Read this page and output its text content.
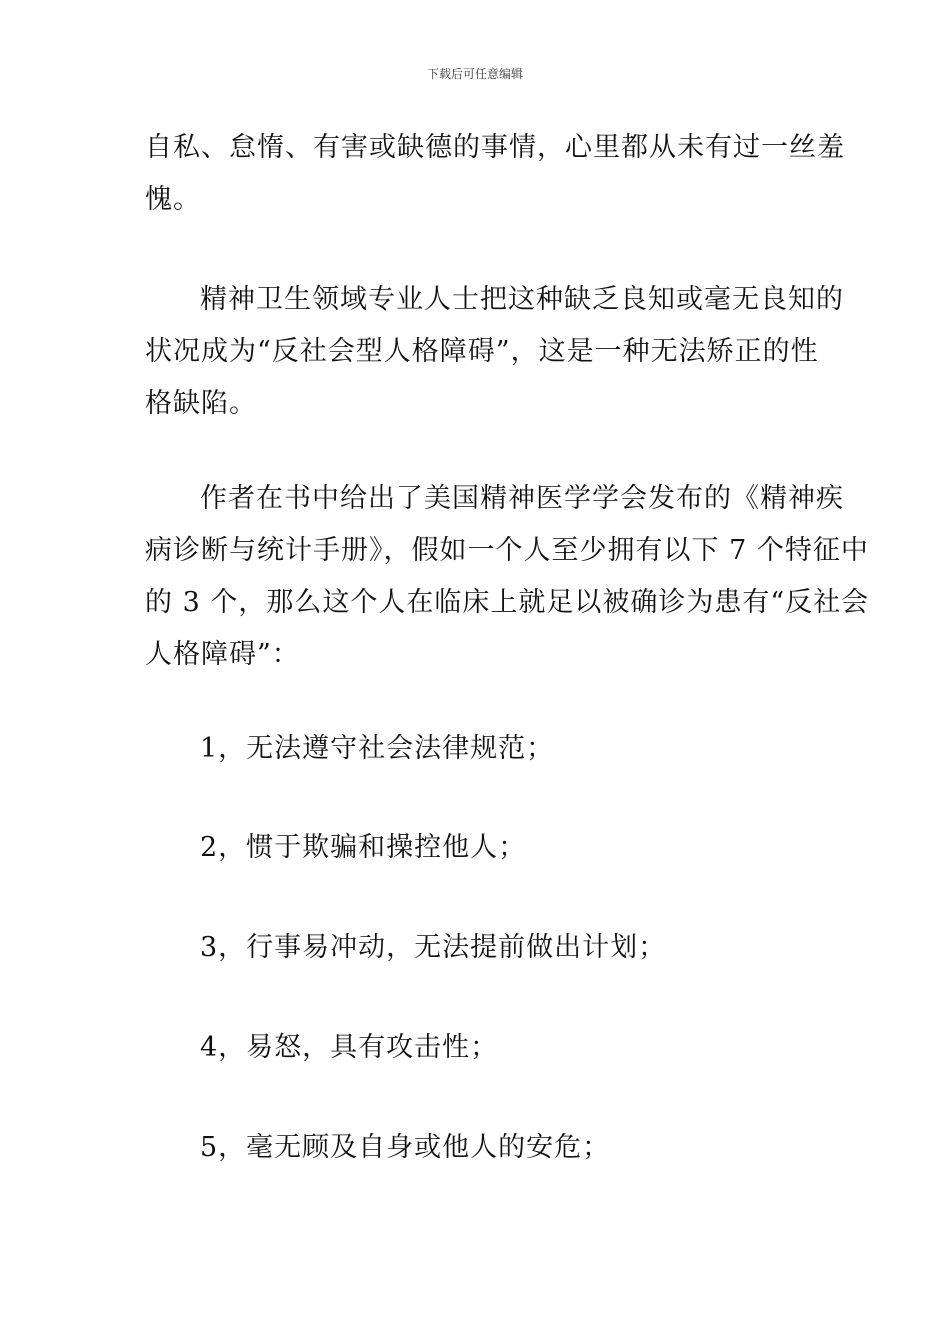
下载后可任意编辑
自私、怠惰、有害或缺德的事情，心里都从未有过一丝羞
愧。
精神卫生领域专业人士把这种缺乏良知或毫无良知的
状况成为“反社会型人格障碍”，这是一种无法矫正的性
格缺陷。
作者在书中给出了美国精神医学学会发布的《精神疾
病诊断与统计手册》，假如一个人至少拥有以下 7 个特征中
的 3 个，那么这个人在临床上就足以被确诊为患有“反社会
人格障碍”：
1，无法遵守社会法律规范；
2，惯于欺骗和操控他人；
3，行事易冲动，无法提前做出计划；
4，易怒，具有攻击性；
5，毫无顾及自身或他人的安危；
